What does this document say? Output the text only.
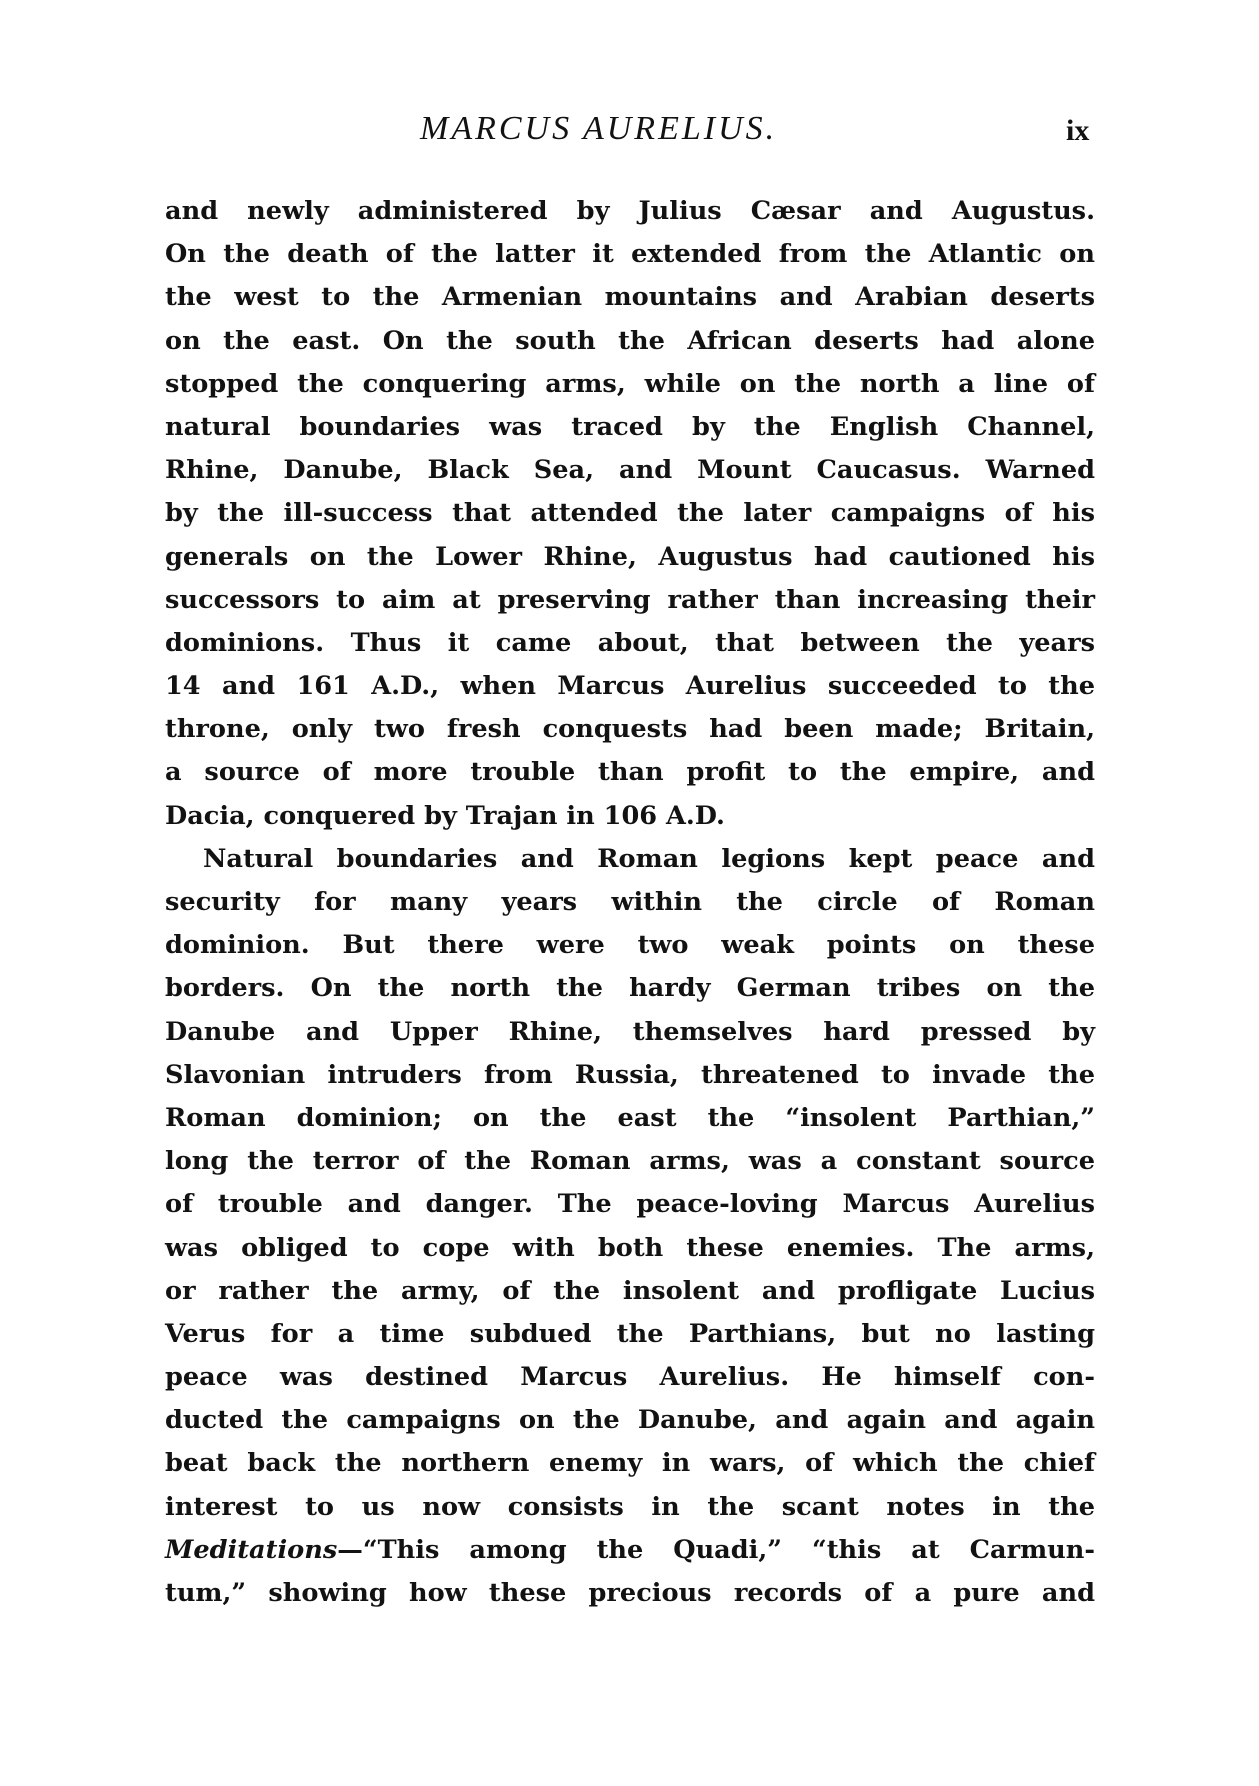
MARCUS AURELIUS.	ix
and newly administered by Julius Cæsar and Augustus.
On the death of the latter it extended from the Atlantic on
the west to the Armenian mountains and Arabian deserts
on the east. On the south the African deserts had alone
stopped the conquering arms, while on the north a line of
natural boundaries was traced by the English Channel,
Rhine, Danube, Black Sea, and Mount Caucasus. Warned
by the ill-success that attended the later campaigns of his
generals on the Lower Rhine, Augustus had cautioned his
successors to aim at preserving rather than increasing their
dominions. Thus it came about, that between the years
14 and 161 A.D., when Marcus Aurelius succeeded to the
throne, only two fresh conquests had been made; Britain,
a source of more trouble than profit to the empire, and
Dacia, conquered by Trajan in 106 A.D.
Natural boundaries and Roman legions kept peace and
security for many years within the circle of Roman
dominion. But there were two weak points on these
borders. On the north the hardy German tribes on the
Danube and Upper Rhine, themselves hard pressed by
Slavonian intruders from Russia, threatened to invade the
Roman dominion; on the east the “insolent Parthian,”
long the terror of the Roman arms, was a constant source
of trouble and danger. The peace-loving Marcus Aurelius
was obliged to cope with both these enemies. The arms,
or rather the army, of the insolent and profligate Lucius
Verus for a time subdued the Parthians, but no lasting
peace was destined Marcus Aurelius. He himself con-
ducted the campaigns on the Danube, and again and again
beat back the northern enemy in wars, of which the chief
interest to us now consists in the scant notes in the
Meditations—“This among the Quadi,” “this at Carmun-
tum,” showing how these precious records of a pure and
